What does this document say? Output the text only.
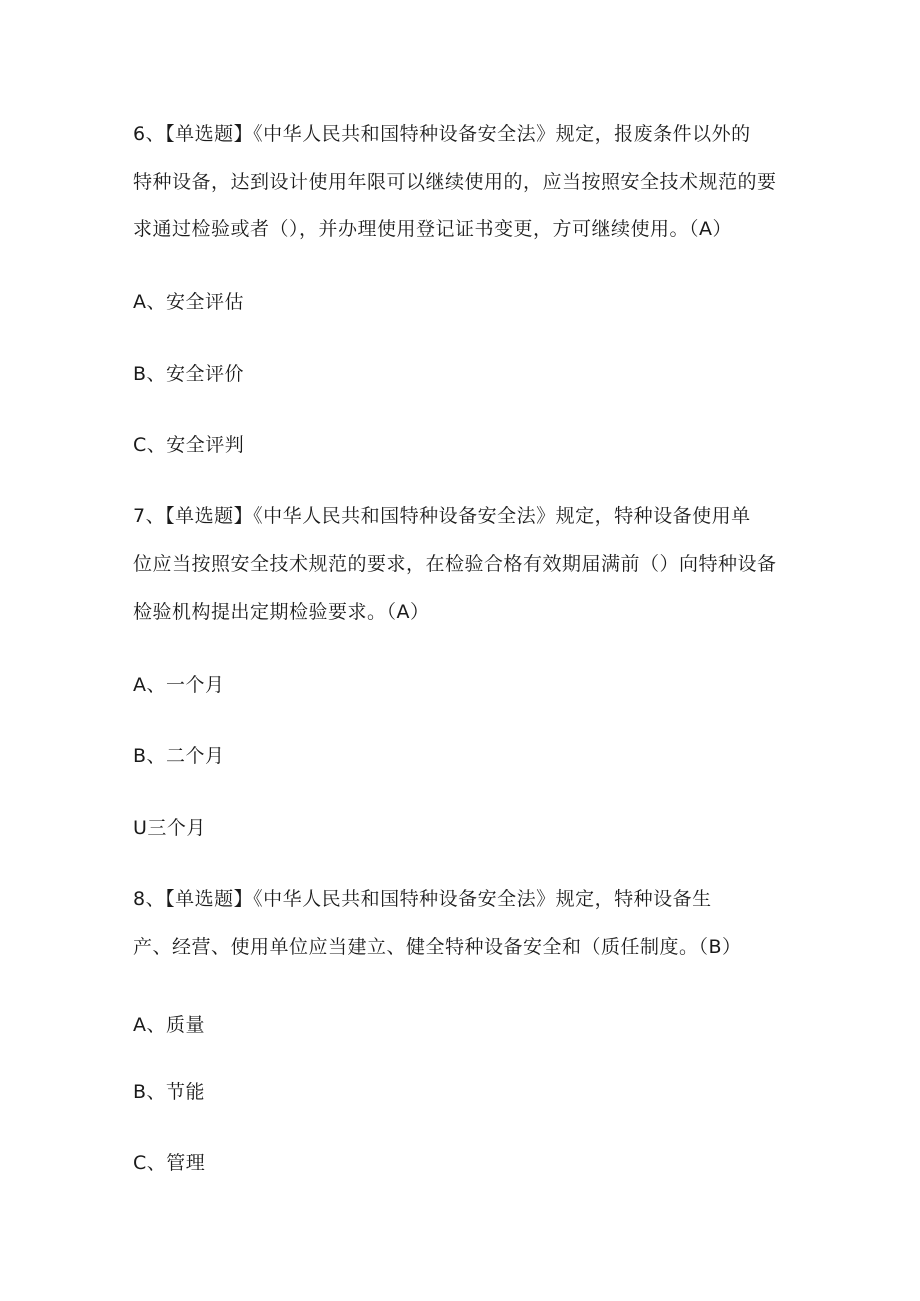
6、【单选题】《中华人民共和国特种设备安全法》规定，报废条件以外的
特种设备，达到设计使用年限可以继续使用的，应当按照安全技术规范的要
求通过检验或者（），并办理使用登记证书变更，方可继续使用。（A）
A、安全评估
B、安全评价
C、安全评判
7、【单选题】《中华人民共和国特种设备安全法》规定，特种设备使用单
位应当按照安全技术规范的要求，在检验合格有效期届满前（）向特种设备
检验机构提出定期检验要求。（A）
A、一个月
B、二个月
U三个月
8、【单选题】《中华人民共和国特种设备安全法》规定，特种设备生
产、经营、使用单位应当建立、健全特种设备安全和（质任制度。（B）
A、质量
B、节能
C、管理
